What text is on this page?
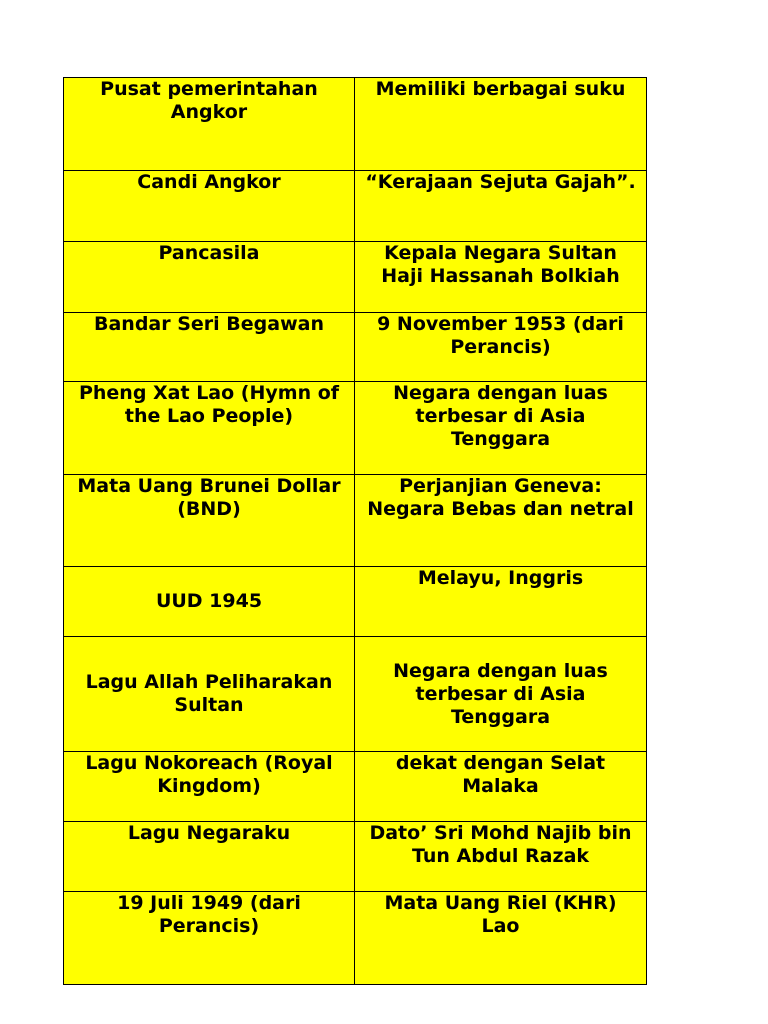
Pusat pemerintahan Angkor	Memiliki berbagai suku
Candi Angkor	“Kerajaan Sejuta Gajah”.
Pancasila	Kepala Negara Sultan Haji Hassanah Bolkiah
Bandar Seri Begawan	9 November 1953 (dari Perancis)
Pheng Xat Lao (Hymn of the Lao People)	Negara dengan luas terbesar di Asia Tenggara
Mata Uang Brunei Dollar (BND)	Perjanjian Geneva: Negara Bebas dan netral
UUD 1945	Melayu, Inggris
Lagu Allah Peliharakan Sultan	Negara dengan luas terbesar di Asia Tenggara
Lagu Nokoreach (Royal Kingdom)	dekat dengan Selat Malaka
Lagu Negaraku	Dato’ Sri Mohd Najib bin Tun Abdul Razak
19 Juli 1949 (dari Perancis)	Mata Uang Riel (KHR) Lao
